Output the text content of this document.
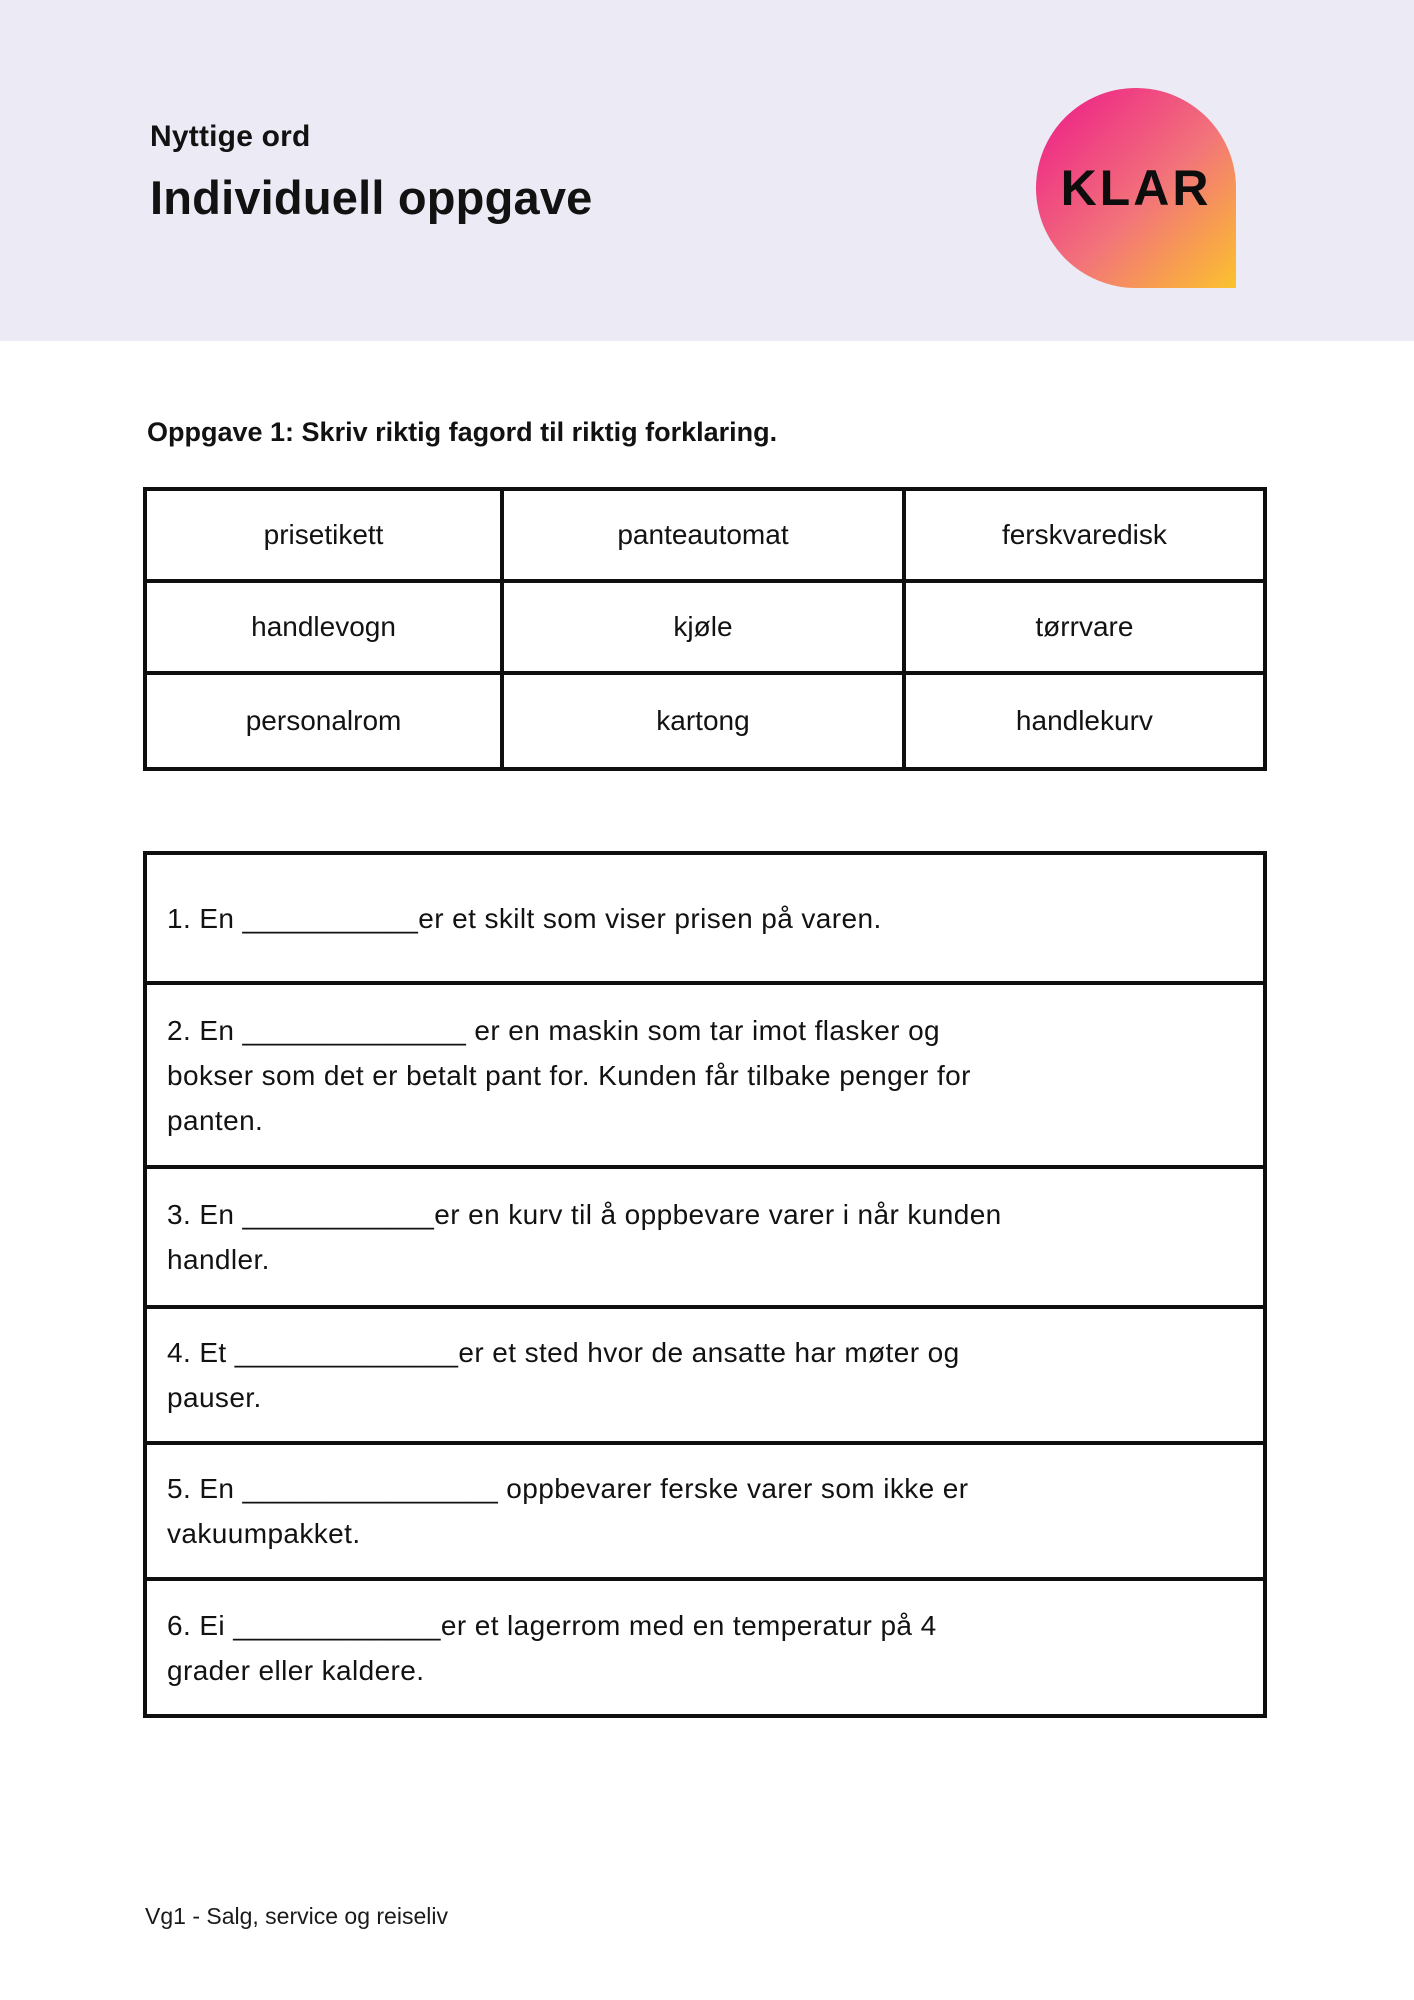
Nyttige ord
Individuell oppgave	KLAR
Oppgave 1: Skriv riktig fagord til riktig forklaring.
prisetikett	panteautomat	ferskvaredisk
handlevogn	kjøle	tørrvare
personalrom	kartong	handlekurv
1. En ___________er et skilt som viser prisen på varen.
2. En ______________ er en maskin som tar imot flasker og
bokser som det er betalt pant for. Kunden får tilbake penger for
panten.
3. En ____________er en kurv til å oppbevare varer i når kunden
handler.
4. Et ______________er et sted hvor de ansatte har møter og
pauser.
5. En ________________ oppbevarer ferske varer som ikke er
vakuumpakket.
6. Ei _____________er et lagerrom med en temperatur på 4
grader eller kaldere.
Vg1 - Salg, service og reiseliv
